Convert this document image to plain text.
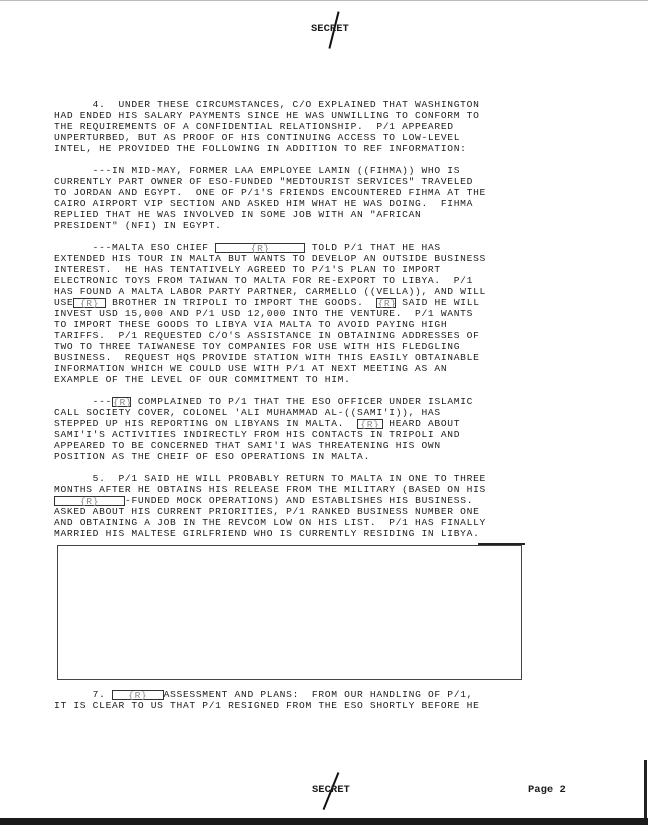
SECRET
4.  UNDER THESE CIRCUMSTANCES, C/O EXPLAINED THAT WASHINGTON
HAD ENDED HIS SALARY PAYMENTS SINCE HE WAS UNWILLING TO CONFORM TO
THE REQUIREMENTS OF A CONFIDENTIAL RELATIONSHIP.  P/1 APPEARED
UNPERTURBED, BUT AS PROOF OF HIS CONTINUING ACCESS TO LOW-LEVEL
INTEL, HE PROVIDED THE FOLLOWING IN ADDITION TO REF INFORMATION:
---IN MID-MAY, FORMER LAA EMPLOYEE LAMIN ((FIHMA)) WHO IS
CURRENTLY PART OWNER OF ESO-FUNDED "MEDTOURIST SERVICES" TRAVELED
TO JORDAN AND EGYPT.  ONE OF P/1'S FRIENDS ENCOUNTERED FIHMA AT THE
CAIRO AIRPORT VIP SECTION AND ASKED HIM WHAT HE WAS DOING.  FIHMA
REPLIED THAT HE WAS INVOLVED IN SOME JOB WITH AN "AFRICAN
PRESIDENT" (NFI) IN EGYPT.
---MALTA ESO CHIEF	{R}	TOLD P/1 THAT HE HAS
EXTENDED HIS TOUR IN MALTA BUT WANTS TO DEVELOP AN OUTSIDE BUSINESS
INTEREST.  HE HAS TENTATIVELY AGREED TO P/1'S PLAN TO IMPORT
ELECTRONIC TOYS FROM TAIWAN TO MALTA FOR RE-EXPORT TO LIBYA.  P/1
HAS FOUND A MALTA LABOR PARTY PARTNER, CARMELLO ((VELLA)), AND WILL
USE {R} BROTHER IN TRIPOLI TO IMPORT THE GOODS.  {R} SAID HE WILL
INVEST USD 15,000 AND P/1 USD 12,000 INTO THE VENTURE.  P/1 WANTS
TO IMPORT THESE GOODS TO LIBYA VIA MALTA TO AVOID PAYING HIGH
TARIFFS.  P/1 REQUESTED C/O'S ASSISTANCE IN OBTAINING ADDRESSES OF
TWO TO THREE TAIWANESE TOY COMPANIES FOR USE WITH HIS FLEDGLING
BUSINESS.  REQUEST HQS PROVIDE STATION WITH THIS EASILY OBTAINABLE
INFORMATION WHICH WE COULD USE WITH P/1 AT NEXT MEETING AS AN
EXAMPLE OF THE LEVEL OF OUR COMMITMENT TO HIM.
---{R} COMPLAINED TO P/1 THAT THE ESO OFFICER UNDER ISLAMIC
CALL SOCIETY COVER, COLONEL 'ALI MUHAMMAD AL-((SAMI'I)), HAS
STEPPED UP HIS REPORTING ON LIBYANS IN MALTA.  {R} HEARD ABOUT
SAMI'I'S ACTIVITIES INDIRECTLY FROM HIS CONTACTS IN TRIPOLI AND
APPEARED TO BE CONCERNED THAT SAMI'I WAS THREATENING HIS OWN
POSITION AS THE CHEIF OF ESO OPERATIONS IN MALTA.
5.  P/1 SAID HE WILL PROBABLY RETURN TO MALTA IN ONE TO THREE
MONTHS AFTER HE OBTAINS HIS RELEASE FROM THE MILITARY (BASED ON HIS
{R}	-FUNDED MOCK OPERATIONS) AND ESTABLISHES HIS BUSINESS.
ASKED ABOUT HIS CURRENT PRIORITIES, P/1 RANKED BUSINESS NUMBER ONE
AND OBTAINING A JOB IN THE REVCOM LOW ON HIS LIST.  P/1 HAS FINALLY
MARRIED HIS MALTESE GIRLFRIEND WHO IS CURRENTLY RESIDING IN LIBYA.
7. {R} ASSESSMENT AND PLANS:  FROM OUR HANDLING OF P/1,
IT IS CLEAR TO US THAT P/1 RESIGNED FROM THE ESO SHORTLY BEFORE HE
SECRET	Page 2
